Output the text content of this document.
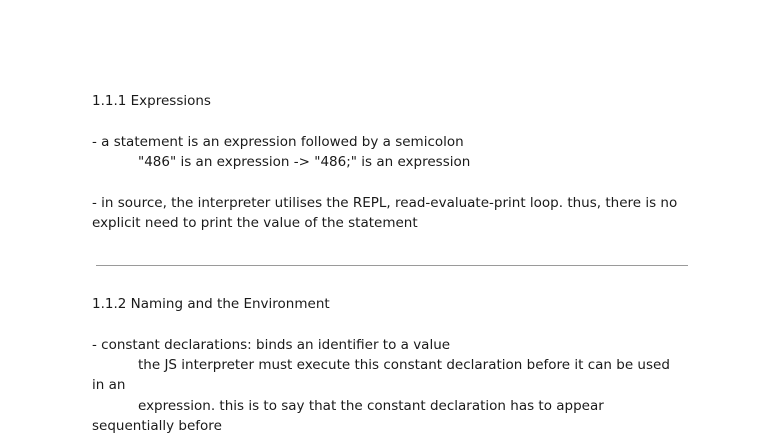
1.1.1 Expressions
- a statement is an expression followed by a semicolon
"486" is an expression -> "486;" is an expression
- in source, the interpreter utilises the REPL, read-evaluate-print loop. thus, there is no
explicit need to print the value of the statement
1.1.2 Naming and the Environment
- constant declarations: binds an identifier to a value
the JS interpreter must execute this constant declaration before it can be used
in an
expression. this is to say that the constant declaration has to appear
sequentially before
